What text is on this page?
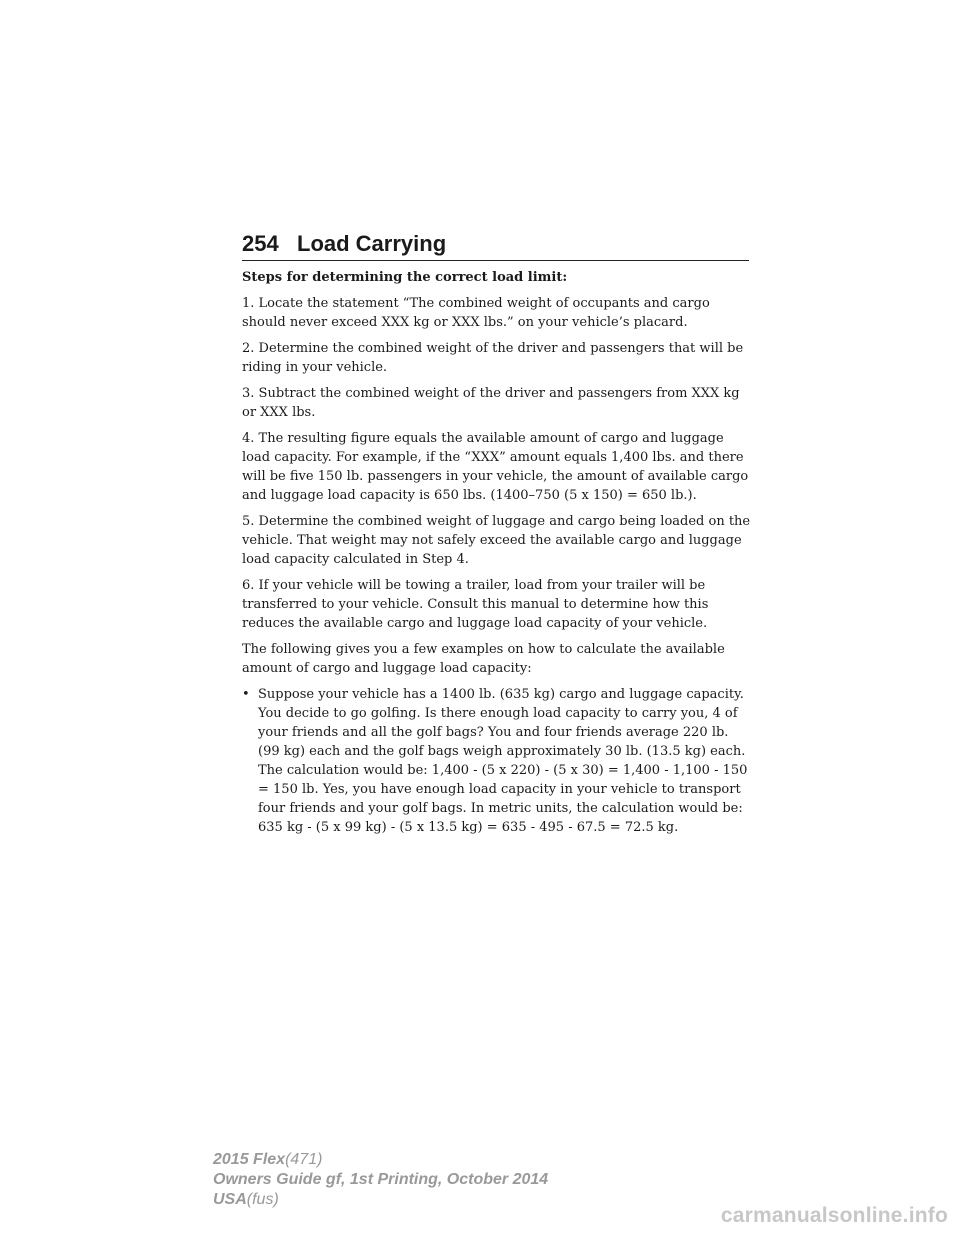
254 Load Carrying

Steps for determining the correct load limit:

1. Locate the statement “The combined weight of occupants and cargo should never exceed XXX kg or XXX lbs.” on your vehicle’s placard.

2. Determine the combined weight of the driver and passengers that will be riding in your vehicle.

3. Subtract the combined weight of the driver and passengers from XXX kg or XXX lbs.

4. The resulting figure equals the available amount of cargo and luggage load capacity. For example, if the “XXX” amount equals 1,400 lbs. and there will be five 150 lb. passengers in your vehicle, the amount of available cargo and luggage load capacity is 650 lbs. (1400–750 (5 x 150) = 650 lb.).

5. Determine the combined weight of luggage and cargo being loaded on the vehicle. That weight may not safely exceed the available cargo and luggage load capacity calculated in Step 4.

6. If your vehicle will be towing a trailer, load from your trailer will be transferred to your vehicle. Consult this manual to determine how this reduces the available cargo and luggage load capacity of your vehicle.

The following gives you a few examples on how to calculate the available amount of cargo and luggage load capacity:

• Suppose your vehicle has a 1400 lb. (635 kg) cargo and luggage capacity. You decide to go golfing. Is there enough load capacity to carry you, 4 of your friends and all the golf bags? You and four friends average 220 lb. (99 kg) each and the golf bags weigh approximately 30 lb. (13.5 kg) each. The calculation would be: 1,400 - (5 x 220) - (5 x 30) = 1,400 - 1,100 - 150 = 150 lb. Yes, you have enough load capacity in your vehicle to transport four friends and your golf bags. In metric units, the calculation would be: 635 kg - (5 x 99 kg) - (5 x 13.5 kg) = 635 - 495 - 67.5 = 72.5 kg.
2015 Flex(471)
Owners Guide gf, 1st Printing, October 2014
USA(fus)
carmanualsonline.info
